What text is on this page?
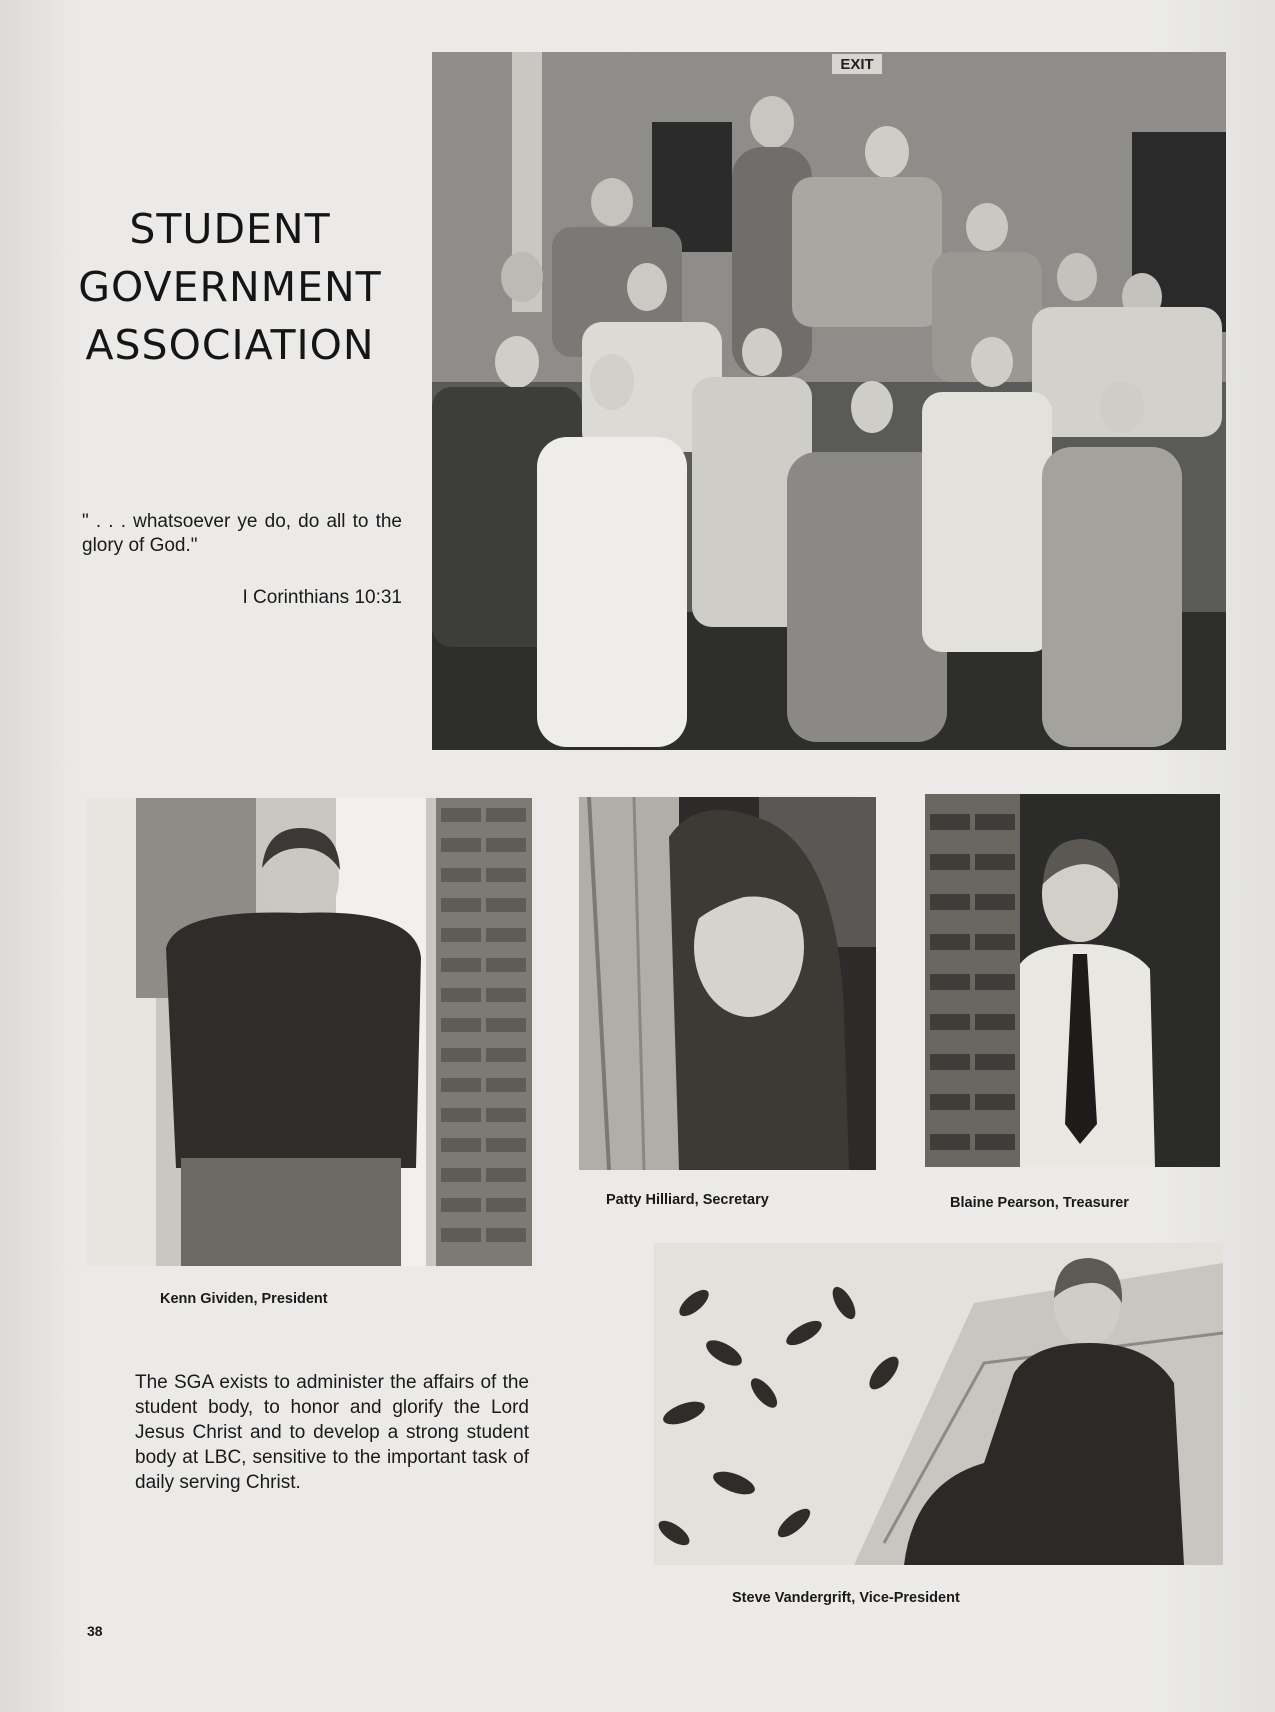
STUDENT
GOVERNMENT
ASSOCIATION
" . . . whatsoever ye do, do all to the glory of God."
I Corinthians 10:31
EXIT
Kenn Gividen, President
Patty Hilliard, Secretary	Blaine Pearson, Treasurer
Steve Vandergrift, Vice-President
The SGA exists to administer the affairs of the student body, to honor and glorify the Lord Jesus Christ and to develop a strong student body at LBC, sensitive to the important task of daily serving Christ.
38
